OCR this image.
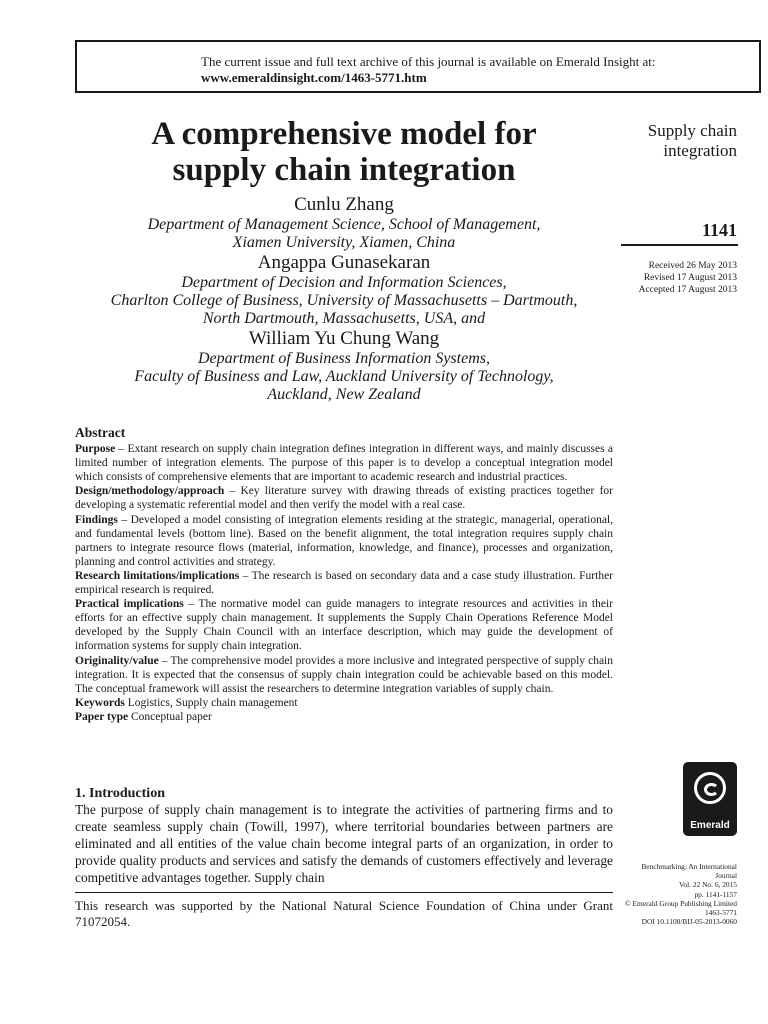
The current issue and full text archive of this journal is available on Emerald Insight at:
www.emeraldinsight.com/1463-5771.htm
A comprehensive model for
supply chain integration
Cunlu Zhang
Department of Management Science, School of Management,
Xiamen University, Xiamen, China
Angappa Gunasekaran
Department of Decision and Information Sciences,
Charlton College of Business, University of Massachusetts – Dartmouth,
North Dartmouth, Massachusetts, USA, and
William Yu Chung Wang
Department of Business Information Systems,
Faculty of Business and Law, Auckland University of Technology,
Auckland, New Zealand
Supply chain
integration
1141
Received 26 May 2013
Revised 17 August 2013
Accepted 17 August 2013
Abstract

Purpose – Extant research on supply chain integration defines integration in different ways, and mainly discusses a limited number of integration elements. The purpose of this paper is to develop a conceptual integration model which consists of comprehensive elements that are important to academic research and industrial practices.

Design/methodology/approach – Key literature survey with drawing threads of existing practices together for developing a systematic referential model and then verify the model with a real case.

Findings – Developed a model consisting of integration elements residing at the strategic, managerial, operational, and fundamental levels (bottom line). Based on the benefit alignment, the total integration requires supply chain partners to integrate resource flows (material, information, knowledge, and finance), processes and organization, planning and control activities and strategy.

Research limitations/implications – The research is based on secondary data and a case study illustration. Further empirical research is required.

Practical implications – The normative model can guide managers to integrate resources and activities in their efforts for an effective supply chain management. It supplements the Supply Chain Operations Reference Model developed by the Supply Chain Council with an interface description, which may guide the development of information systems for supply chain integration.

Originality/value – The comprehensive model provides a more inclusive and integrated perspective of supply chain integration. It is expected that the consensus of supply chain integration could be achievable based on this model. The conceptual framework will assist the researchers to determine integration variables of supply chain.

Keywords Logistics, Supply chain management

Paper type Conceptual paper

1. Introduction
The purpose of supply chain management is to integrate the activities of partnering firms and to create seamless supply chain (Towill, 1997), where territorial boundaries between partners are eliminated and all entities of the value chain become integral parts of an organization, in order to provide quality products and services and satisfy the demands of customers effectively and leverage competitive advantages together. Supply chain
This research was supported by the National Natural Science Foundation of China under Grant 71072054.
Emerald
Benchmarking: An International
Journal
Vol. 22 No. 6, 2015
pp. 1141-1157
© Emerald Group Publishing Limited
1463-5771
DOI 10.1108/BIJ-05-2013-0060
